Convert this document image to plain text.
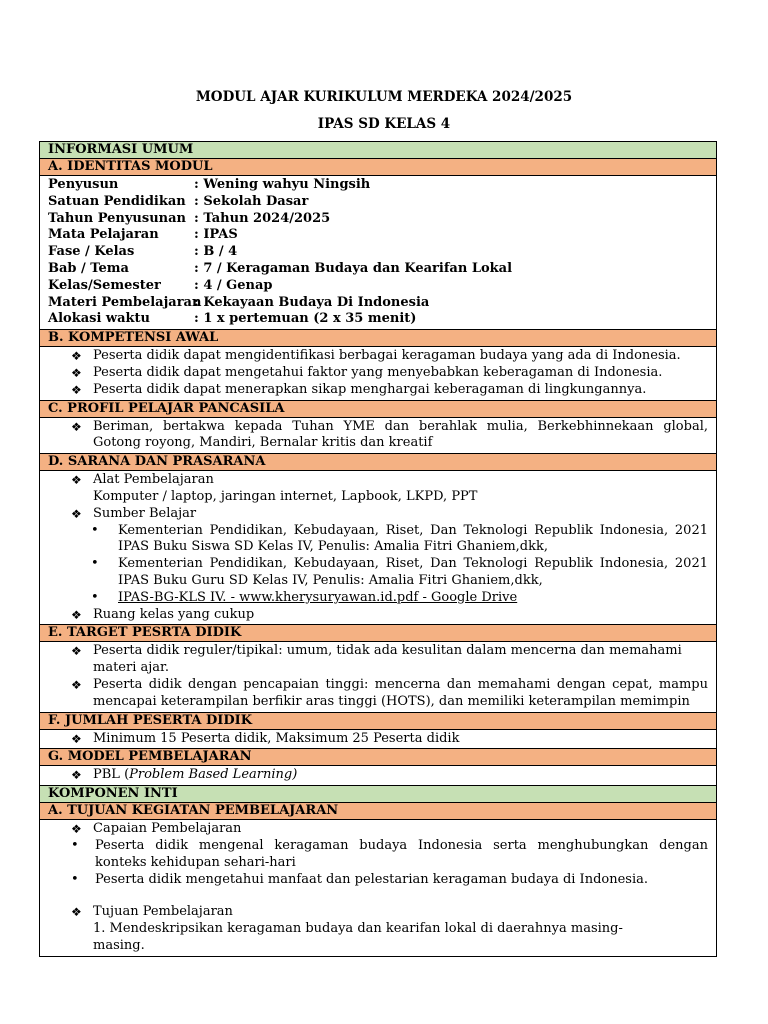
MODUL AJAR KURIKULUM MERDEKA 2024/2025
IPAS SD KELAS 4
INFORMASI UMUM
A. IDENTITAS MODUL
Penyusun	: Wening wahyu Ningsih
Satuan Pendidikan : Sekolah Dasar
Tahun Penyusunan : Tahun 2024/2025
Mata Pelajaran	: IPAS
Fase / Kelas	: B / 4
Bab / Tema	: 7 / Keragaman Budaya dan Kearifan Lokal
Kelas/Semester	: 4 / Genap
Materi Pembelajaran: Kekayaan Budaya Di Indonesia
Alokasi waktu	: 1 x pertemuan (2 x 35 menit)
B. KOMPETENSI AWAL
❖ Peserta didik dapat mengidentifikasi berbagai keragaman budaya yang ada di Indonesia.
❖ Peserta didik dapat mengetahui faktor yang menyebabkan keberagaman di Indonesia.
❖ Peserta didik dapat menerapkan sikap menghargai keberagaman di lingkungannya.
C. PROFIL PELAJAR PANCASILA
❖ Beriman, bertakwa kepada Tuhan YME dan berahlak mulia, Berkebhinnekaan global, Gotong royong, Mandiri, Bernalar kritis dan kreatif
D. SARANA DAN PRASARANA
❖ Alat Pembelajaran
Komputer / laptop, jaringan internet, Lapbook, LKPD, PPT
❖ Sumber Belajar
• Kementerian Pendidikan, Kebudayaan, Riset, Dan Teknologi Republik Indonesia, 2021 IPAS Buku Siswa SD Kelas IV, Penulis: Amalia Fitri Ghaniem,dkk,
• Kementerian Pendidikan, Kebudayaan, Riset, Dan Teknologi Republik Indonesia, 2021 IPAS Buku Guru SD Kelas IV, Penulis: Amalia Fitri Ghaniem,dkk,
• IPAS-BG-KLS IV. - www.kherysuryawan.id.pdf - Google Drive
❖ Ruang kelas yang cukup
E. TARGET PESRTA DIDIK
❖ Peserta didik reguler/tipikal: umum, tidak ada kesulitan dalam mencerna dan memahami materi ajar.
❖ Peserta didik dengan pencapaian tinggi: mencerna dan memahami dengan cepat, mampu mencapai keterampilan berfikir aras tinggi (HOTS), dan memiliki keterampilan memimpin
F. JUMLAH PESERTA DIDIK
❖ Minimum 15 Peserta didik, Maksimum 25 Peserta didik
G. MODEL PEMBELAJARAN
❖ PBL (Problem Based Learning)
KOMPONEN INTI
A. TUJUAN KEGIATAN PEMBELAJARAN
❖ Capaian Pembelajaran
• Peserta didik mengenal keragaman budaya Indonesia serta menghubungkan dengan konteks kehidupan sehari-hari
• Peserta didik mengetahui manfaat dan pelestarian keragaman budaya di Indonesia.
❖ Tujuan Pembelajaran
1. Mendeskripsikan keragaman budaya dan kearifan lokal di daerahnya masing-
masing.
